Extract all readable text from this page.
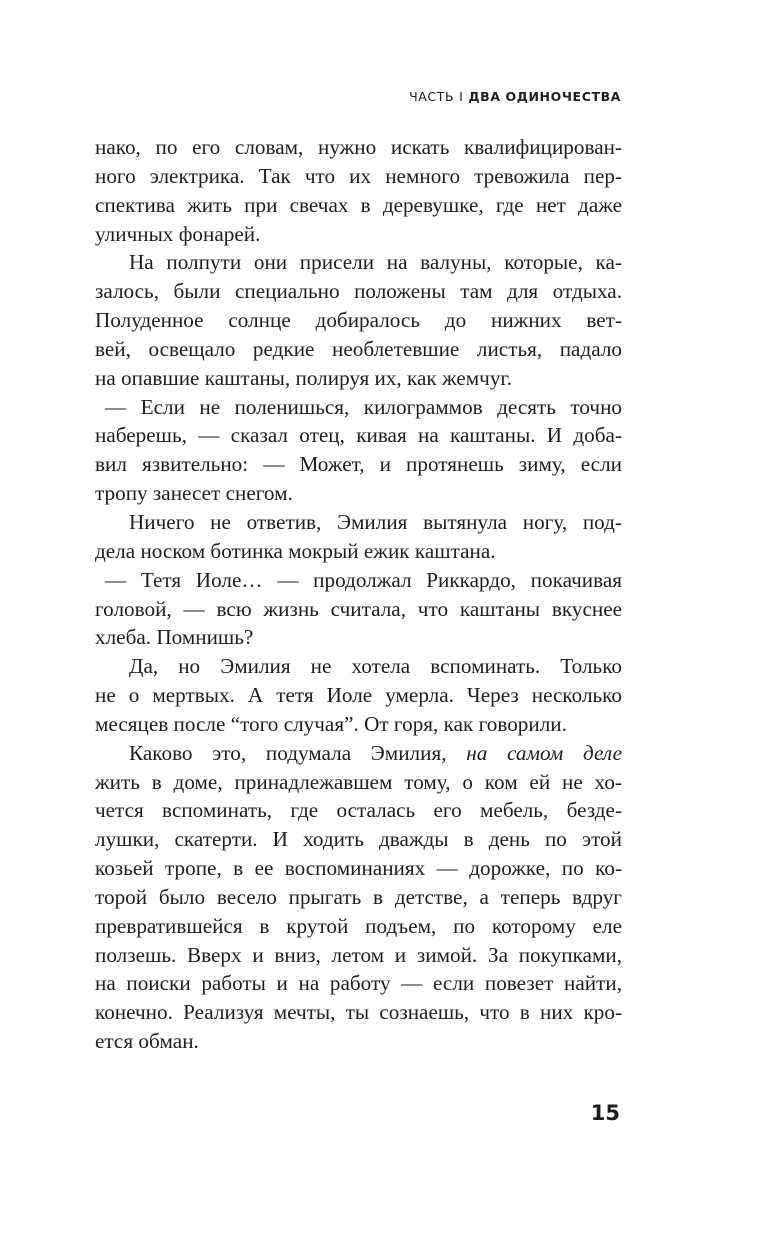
ЧАСТЬ I ДВА ОДИНОЧЕСТВА
нако, по его словам, нужно искать квалифицирован-
ного электрика. Так что их немного тревожила пер-
спектива жить при свечах в деревушке, где нет даже
уличных фонарей.
На полпути они присели на валуны, которые, ка-
залось, были специально положены там для отдыха.
Полуденное солнце добиралось до нижних вет-
вей, освещало редкие необлетевшие листья, падало
на опавшие каштаны, полируя их, как жемчуг.
— Если не поленишься, килограммов десять точно
наберешь, — сказал отец, кивая на каштаны. И доба-
вил язвительно: — Может, и протянешь зиму, если
тропу занесет снегом.
Ничего не ответив, Эмилия вытянула ногу, под-
дела носком ботинка мокрый ежик каштана.
— Тетя Иоле… — продолжал Риккардо, покачивая
головой, — всю жизнь считала, что каштаны вкуснее
хлеба. Помнишь?
Да, но Эмилия не хотела вспоминать. Только
не о мертвых. А тетя Иоле умерла. Через несколько
месяцев после “того случая”. От горя, как говорили.
Каково это, подумала Эмилия, на самом деле
жить в доме, принадлежавшем тому, о ком ей не хо-
чется вспоминать, где осталась его мебель, безде-
лушки, скатерти. И ходить дважды в день по этой
козьей тропе, в ее воспоминаниях — дорожке, по ко-
торой было весело прыгать в детстве, а теперь вдруг
превратившейся в крутой подъем, по которому еле
ползешь. Вверх и вниз, летом и зимой. За покупками,
на поиски работы и на работу — если повезет найти,
конечно. Реализуя мечты, ты сознаешь, что в них кро-
ется обман.
15
